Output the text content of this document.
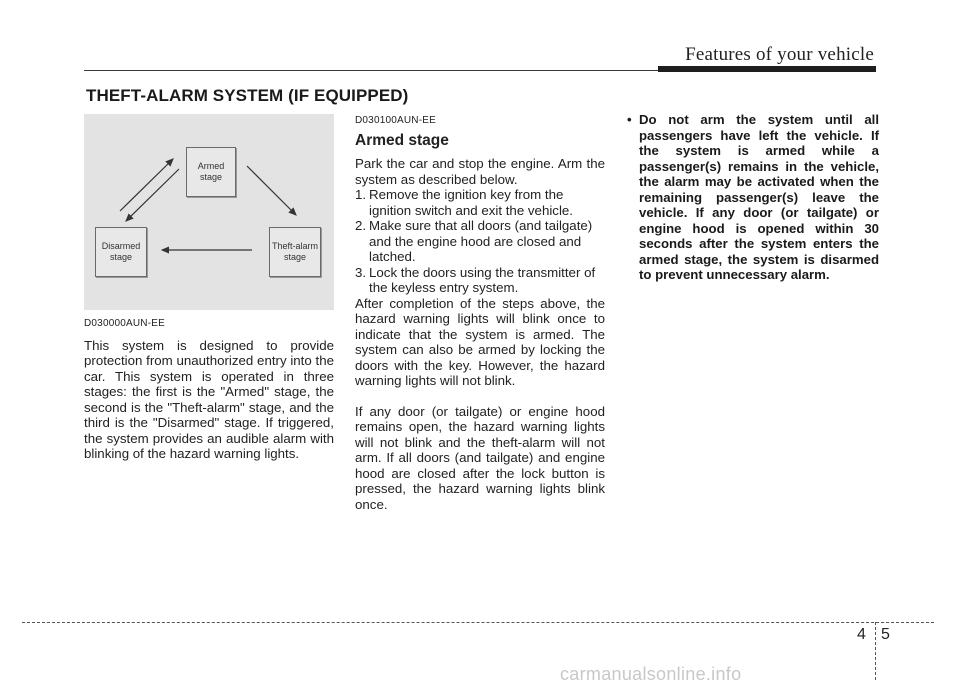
Features of your vehicle
THEFT-ALARM SYSTEM (IF EQUIPPED)
Armed
stage
Theft-alarm
stage
Disarmed
stage
D030000AUN-EE

This system is designed to provide protection from unauthorized entry into the car. This system is operated in three stages: the first is the "Armed" stage, the second is the "Theft-alarm" stage, and the third is the "Disarmed" stage. If triggered, the system provides an audible alarm with blinking of the hazard warning lights.

D030100AUN-EE
Armed stage

Park the car and stop the engine. Arm the system as described below.

1. Remove the ignition key from the ignition switch and exit the vehicle.
2. Make sure that all doors (and tailgate) and the engine hood are closed and latched.
3. Lock the doors using the transmitter of the keyless entry system.

After completion of the steps above, the hazard warning lights will blink once to indicate that the system is armed. The system can also be armed by locking the doors with the key. However, the hazard warning lights will not blink.

If any door (or tailgate) or engine hood remains open, the hazard warning lights will not blink and the theft-alarm will not arm. If all doors (and tailgate) and engine hood are closed after the lock button is pressed, the hazard warning lights blink once.

• Do not arm the system until all passengers have left the vehicle. If the system is armed while a passenger(s) remains in the vehicle, the alarm may be activated when the remaining passenger(s) leave the vehicle. If any door (or tailgate) or engine hood is opened within 30 seconds after the system enters the armed stage, the system is disarmed to prevent unnecessary alarm.
4 5
carmanualsonline.info
